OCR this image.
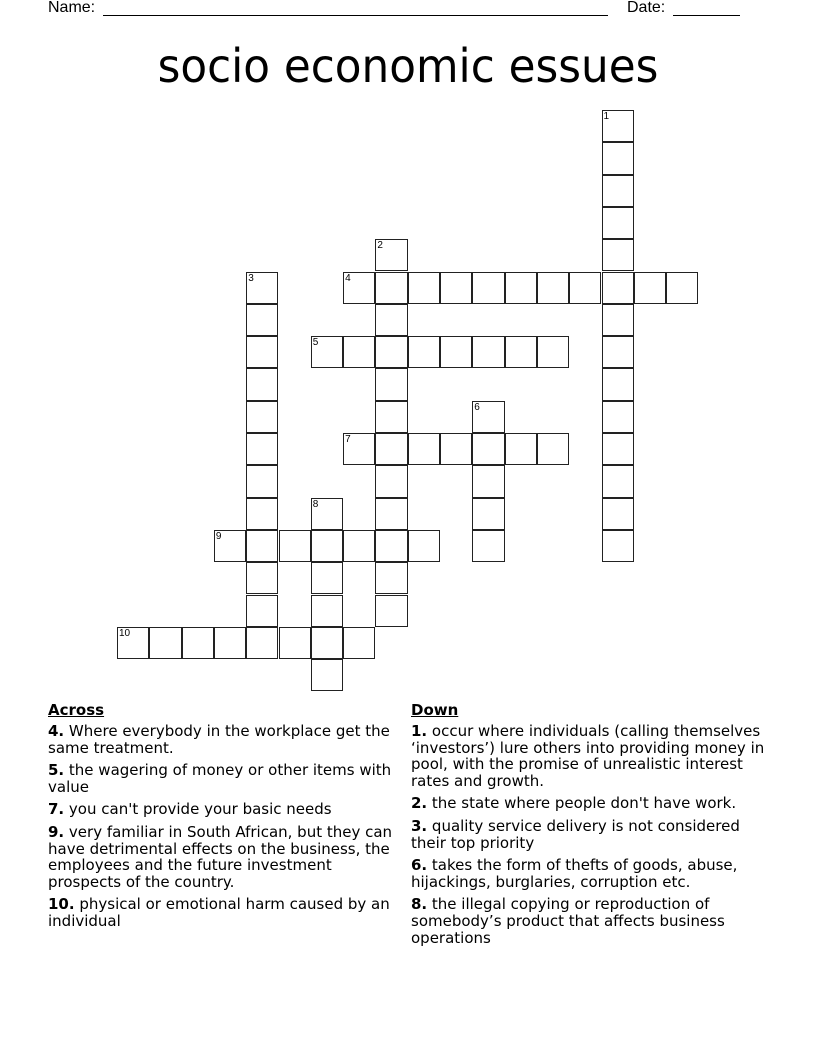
Name:	Date:
socio economic essues
1
2
3	4
5
6
7
8
9
10
Across
4. Where everybody in the workplace get the same treatment.
5. the wagering of money or other items with value
7. you can't provide your basic needs
9. very familiar in South African, but they can have detrimental effects on the business, the employees and the future investment prospects of the country.
10. physical or emotional harm caused by an individual
Down
1. occur where individuals (calling themselves ‘investors’) lure others into providing money in pool, with the promise of unrealistic interest rates and growth.
2. the state where people don't have work.
3. quality service delivery is not considered their top priority
6. takes the form of thefts of goods, abuse, hijackings, burglaries, corruption etc.
8. the illegal copying or reproduction of somebody’s product that affects business operations
